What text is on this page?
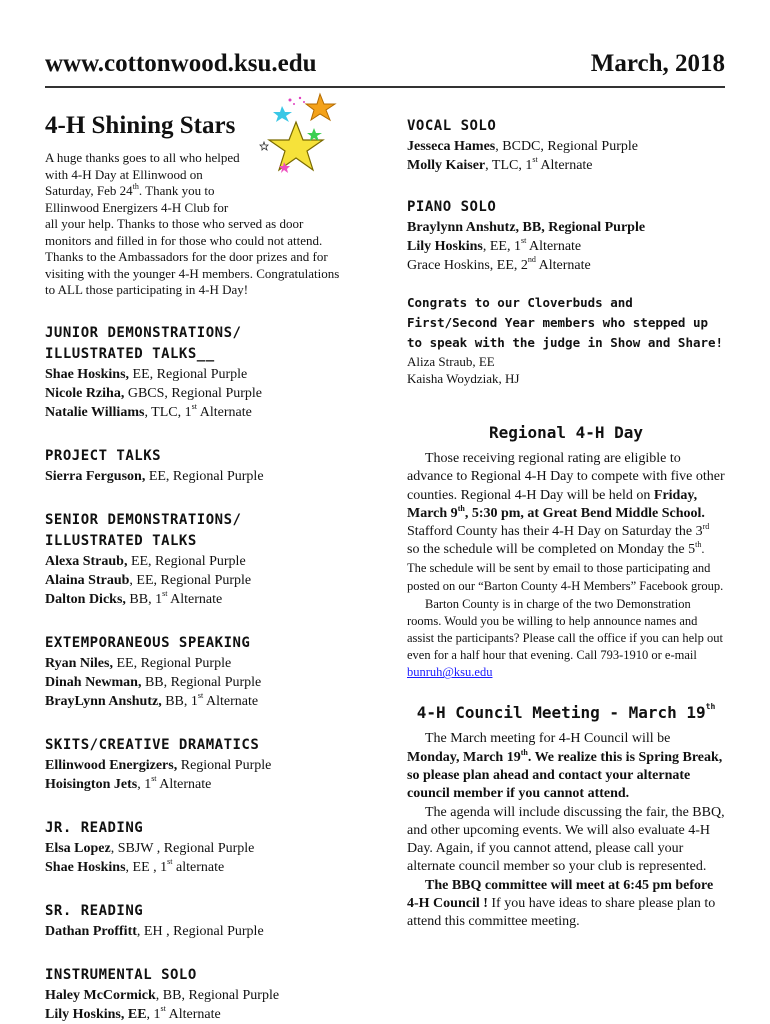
www.cottonwood.ksu.edu	March, 2018
4-H Shining Stars

A huge thanks goes to all who helped with 4-H Day at Ellinwood on Saturday, Feb 24th. Thank you to Ellinwood Energizers 4-H Club for

all your help. Thanks to those who served as door monitors and filled in for those who could not attend. Thanks to the Ambassadors for the door prizes and for visiting with the younger 4-H members. Congratulations to ALL those participating in 4-H Day!

JUNIOR DEMONSTRATIONS/ ILLUSTRATED TALKS__

Shae Hoskins, EE, Regional Purple

Nicole Rziha, GBCS, Regional Purple

Natalie Williams, TLC, 1st Alternate

PROJECT TALKS

Sierra Ferguson, EE, Regional Purple

SENIOR DEMONSTRATIONS/ ILLUSTRATED TALKS

Alexa Straub, EE, Regional Purple

Alaina Straub, EE, Regional Purple

Dalton Dicks, BB, 1st Alternate

EXTEMPORANEOUS SPEAKING

Ryan Niles, EE, Regional Purple

Dinah Newman, BB, Regional Purple

BrayLynn Anshutz, BB, 1st Alternate

SKITS/CREATIVE DRAMATICS

Ellinwood Energizers, Regional Purple

Hoisington Jets, 1st Alternate

JR. READING

Elsa Lopez, SBJW , Regional Purple

Shae Hoskins, EE , 1st alternate

SR. READING

Dathan Proffitt, EH , Regional Purple

INSTRUMENTAL SOLO

Haley McCormick, BB, Regional Purple

Lily Hoskins, EE, 1st Alternate

VOCAL SOLO

Jesseca Hames, BCDC, Regional Purple

Molly Kaiser, TLC, 1st Alternate

PIANO SOLO

Braylynn Anshutz, BB, Regional Purple

Lily Hoskins, EE, 1st Alternate

Grace Hoskins, EE, 2nd Alternate

Congrats to our Cloverbuds and First/Second Year members who stepped up to speak with the judge in Show and Share!

Aliza Straub, EE

Kaisha Woydziak, HJ

Regional 4-H Day

Those receiving regional rating are eligible to advance to Regional 4-H Day to compete with five other counties. Regional 4-H Day will be held on Friday, March 9th, 5:30 pm, at Great Bend Middle School. Stafford County has their 4-H Day on Saturday the 3rd so the schedule will be completed on Monday the 5th. The schedule will be sent by email to those participating and posted on our “Barton County 4-H Members” Facebook group.

Barton County is in charge of the two Demonstration rooms. Would you be willing to help announce names and assist the participants? Please call the office if you can help out even for a half hour that evening. Call 793-1910 or e-mail bunruh@ksu.edu

4-H Council Meeting - March 19th

The March meeting for 4-H Council will be Monday, March 19th. We realize this is Spring Break, so please plan ahead and contact your alternate council member if you cannot attend.

The agenda will include discussing the fair, the BBQ, and other upcoming events. We will also evaluate 4-H Day. Again, if you cannot attend, please call your alternate council member so your club is represented.

The BBQ committee will meet at 6:45 pm before 4-H Council ! If you have ideas to share please plan to attend this committee meeting.
